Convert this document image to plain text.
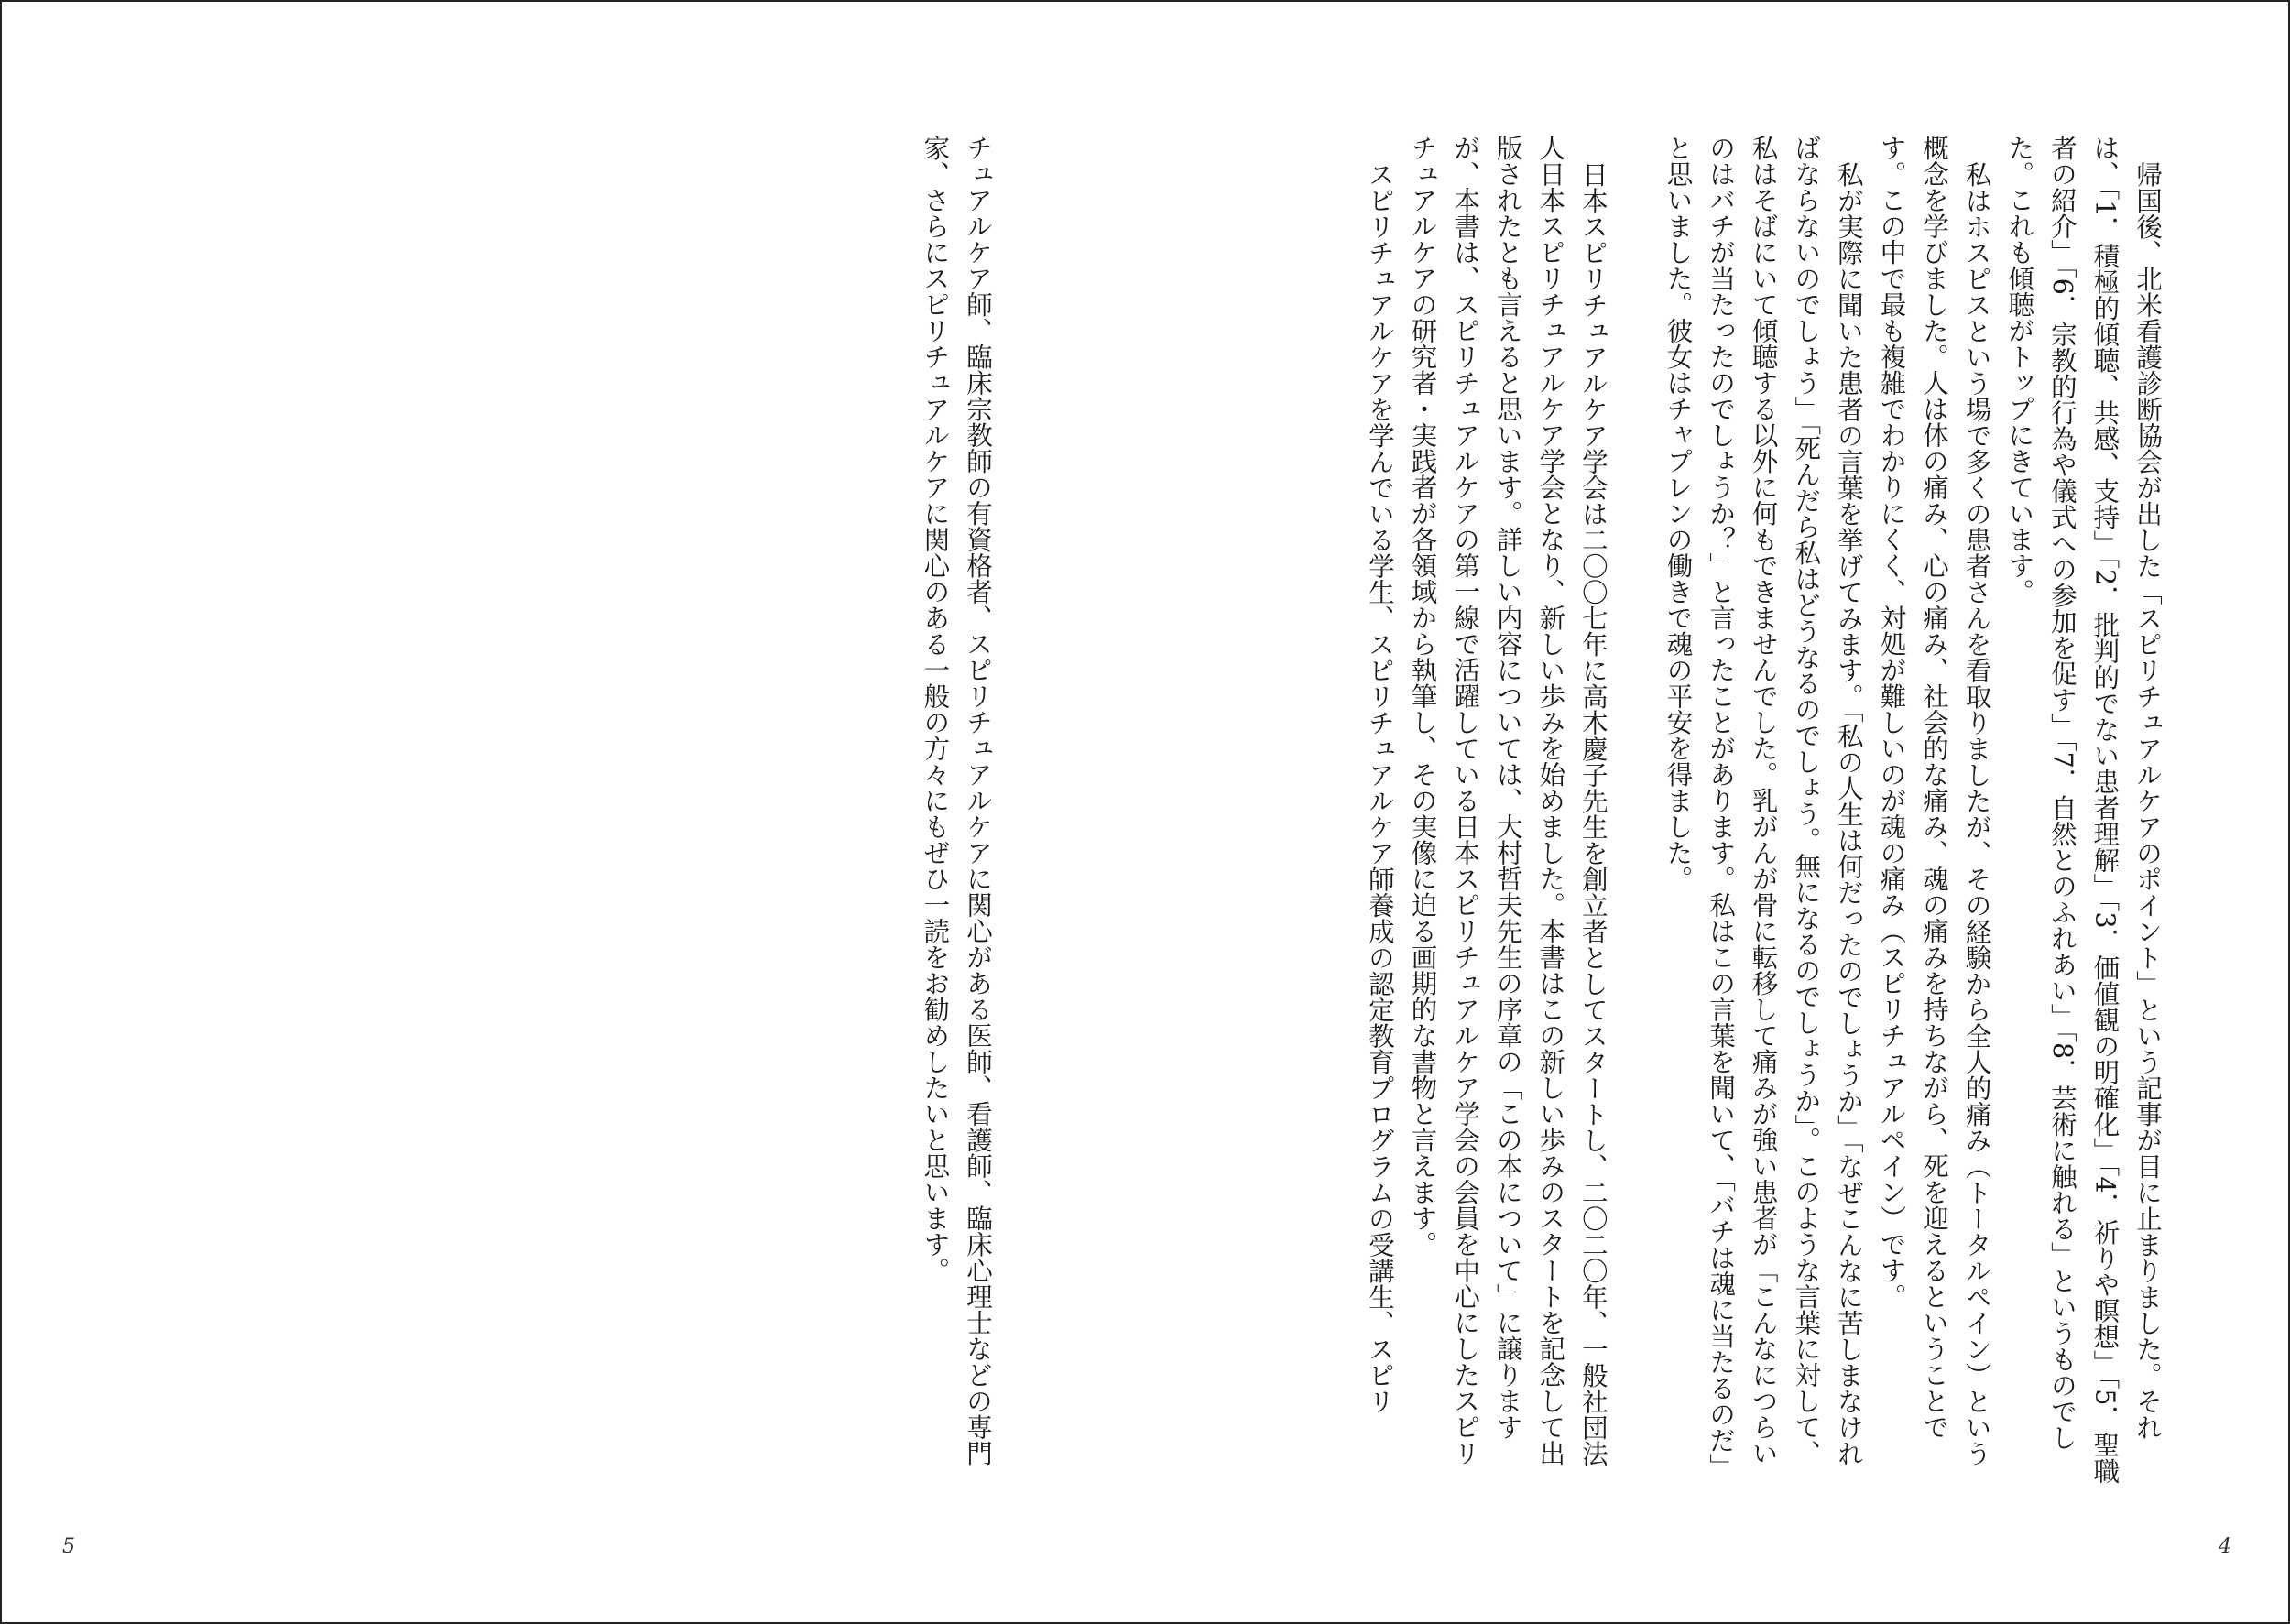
帰国後、北米看護診断協会が出した「スピリチュアルケアのポイント」という記事が目に止まりました。それは、「1．積極的傾聴、共感、支持」「2．批判的でない患者理解」「3．価値観の明確化」「4．祈りや瞑想」「5．聖職者の紹介」「6．宗教的行為や儀式への参加を促す」「7．自然とのふれあい」「8．芸術に触れる」というものでした。これも傾聴がトップにきています。

私はホスピスという場で多くの患者さんを看取りましたが、その経験から全人的痛み（トータルペイン）という概念を学びました。人は体の痛み、心の痛み、社会的な痛み、魂の痛みを持ちながら、死を迎えるということです。この中で最も複雑でわかりにくく、対処が難しいのが魂の痛み（スピリチュアルペイン）です。

私が実際に聞いた患者の言葉を挙げてみます。「私の人生は何だったのでしょうか」「なぜこんなに苦しまなければならないのでしょう」「死んだら私はどうなるのでしょう。無になるのでしょうか」。このような言葉に対して、私はそばにいて傾聴する以外に何もできませんでした。乳がんが骨に転移して痛みが強い患者が「こんなにつらいのはバチが当たったのでしょうか？」と言ったことがあります。私はこの言葉を聞いて、「バチは魂に当たるのだ」と思いました。彼女はチャプレンの働きで魂の平安を得ました。

日本スピリチュアルケア学会は二〇〇七年に高木慶子先生を創立者としてスタートし、二〇二〇年、一般社団法人日本スピリチュアルケア学会となり、新しい歩みを始めました。本書はこの新しい歩みのスタートを記念して出版されたとも言えると思います。詳しい内容については、大村哲夫先生の序章の「この本について」に譲りますが、本書は、スピリチュアルケアの第一線で活躍している日本スピリチュアルケア学会の会員を中心にしたスピリチュアルケアの研究者・実践者が各領域から執筆し、その実像に迫る画期的な書物と言えます。

スピリチュアルケアを学んでいる学生、スピリチュアルケア師養成の認定教育プログラムの受講生、スピリ

チュアルケア師、臨床宗教師の有資格者、スピリチュアルケアに関心がある医師、看護師、臨床心理士などの専門家、さらにスピリチュアルケアに関心のある一般の方々にもぜひ一読をお勧めしたいと思います。

4
5
